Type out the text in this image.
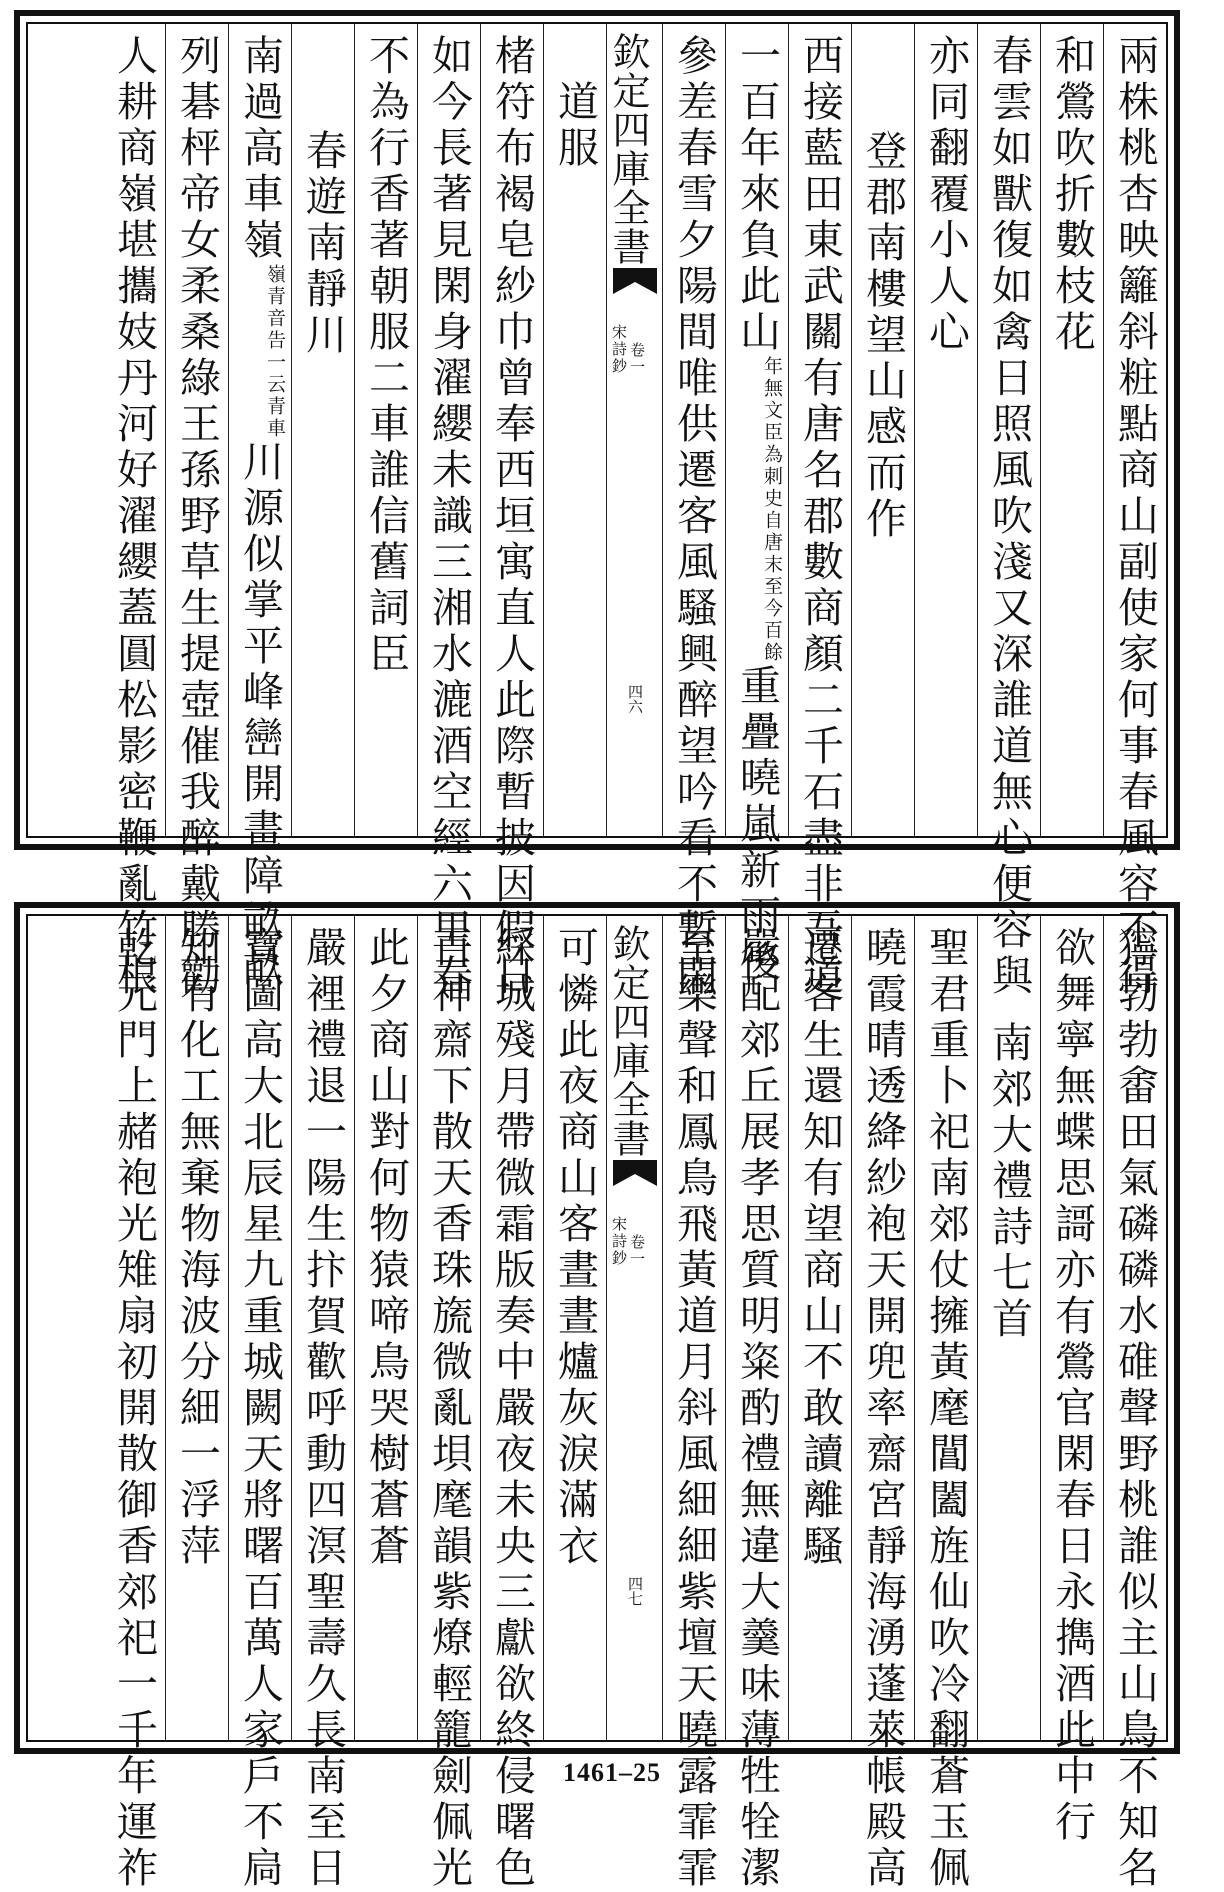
兩株桃杏映籬斜粧點商山副使家何事春風容不得
和鶯吹折數枝花
春雲如獸復如禽日照風吹淺又深誰道無心便容與
亦同翻覆小人心
登郡南樓望山感而作
西接藍田東武關有唐名郡數商顏二千石盡非吾道
一百年來負此山
自唐末至今百餘
年無文臣為刺史
重疊曉嵐新雨後
參差春雪夕陽間唯供遷客風騷興醉望吟看不暫閑
欽定四庫全書
宋詩鈔 卷一
四六
道服
楮符布褐皂紗巾曾奉西垣寓直人此際暫披因假日
如今長著見閑身濯纓未識三湘水漉酒空經六里春
不為行香著朝服二車誰信舊詞臣
春遊南靜川
南過高車嶺
一云青車
嶺青音告
川源似掌平峰巒開畫障畝畝
列碁枰帝女柔桑綠王孫野草生提壺催我醉戴勝勸
人耕商嶺堪攜妓丹河好濯纓蓋圓松影密鞭亂竹根
獰勃勃畬田氣磷磷水碓聲野桃誰似主山鳥不知名
欲舞寧無蝶思謌亦有鶯官閑春日永擕酒此中行
南郊大禮詩七首
聖君重卜祀南郊仗擁黃麾閶闔旌仙吹冷翻蒼玉佩
曉霞晴透絳紗袍天開兜率齋宮靜海湧蓬萊帳殿高
遷客生還知有望商山不敢讀離騷
嚴配郊丘展孝思質明粢酌禮無違大羹味薄牲牷潔
至樂聲和鳳鳥飛黃道月斜風細細紫壇天曉露霏霏
欽定四庫全書
宋詩鈔 卷一
四七
可憐此夜商山客晝晝爐灰淚滿衣
綵城殘月帶微霜版奏中嚴夜未央三獻欲終侵曙色
百神齋下散天香珠旒微亂垻麾韻紫燎輕籠劍佩光
此夕商山對何物猿啼鳥哭樹蒼蒼
嚴裡禮退一陽生抃賀歡呼動四溟聖壽久長南至日
寶圖高大北辰星九重城闕天將曙百萬人家戶不扃
知有化工無棄物海波分細一浮萍
乾元門上赭袍光雉扇初開散御香郊祀一千年運祚	1461–25
